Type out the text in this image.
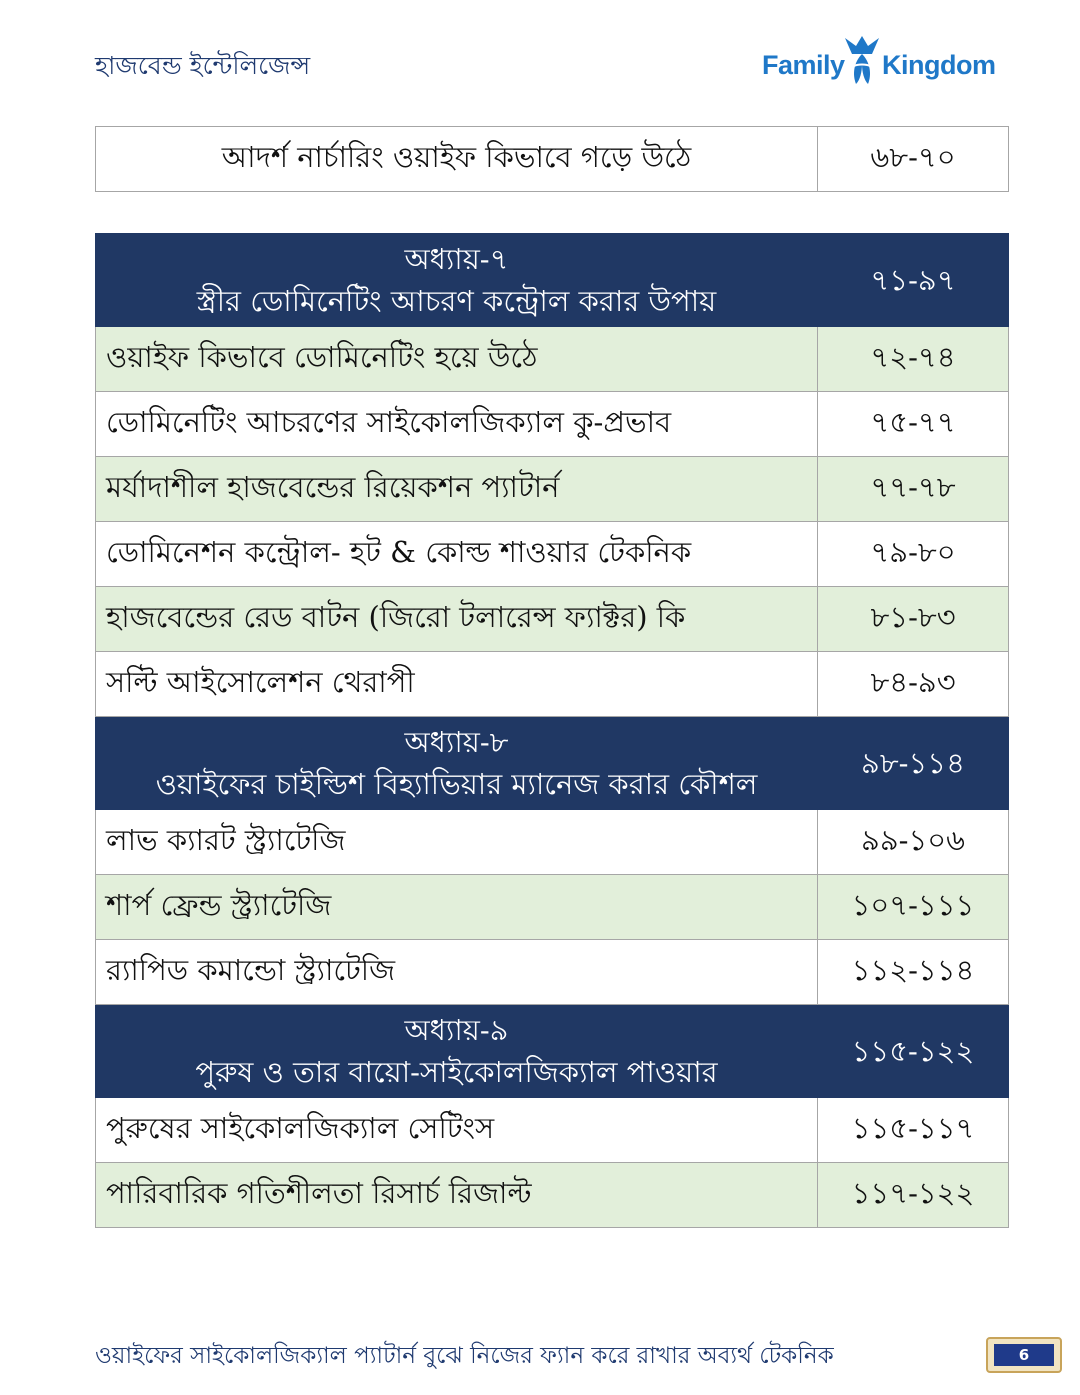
হাজবেন্ড ইন্টেলিজেন্স	Family Kingdom
আদর্শ নার্চারিং ওয়াইফ কিভাবে গড়ে উঠে	৬৮-৭০
অধ্যায়-৭
স্ত্রীর ডোমিনেটিং আচরণ কন্ট্রোল করার উপায়	৭১-৯৭
ওয়াইফ কিভাবে ডোমিনেটিং হয়ে উঠে	৭২-৭৪
ডোমিনেটিং আচরণের সাইকোলজিক্যাল কু-প্রভাব	৭৫-৭৭
মর্যাদাশীল হাজবেন্ডের রিয়েকশন প্যাটার্ন	৭৭-৭৮
ডোমিনেশন কন্ট্রোল- হট & কোল্ড শাওয়ার টেকনিক	৭৯-৮০
হাজবেন্ডের রেড বাটন (জিরো টলারেন্স ফ্যাক্টর) কি	৮১-৮৩
সল্টি আইসোলেশন থেরাপী	৮৪-৯৩

অধ্যায়-৮
ওয়াইফের চাইল্ডিশ বিহ্যাভিয়ার ম্যানেজ করার কৌশল	৯৮-১১৪
লাভ ক্যারট স্ট্র্যাটেজি	৯৯-১০৬
শার্প ফ্রেন্ড স্ট্র্যাটেজি	১০৭-১১১
র‍্যাপিড কমান্ডো স্ট্র্যাটেজি	১১২-১১৪

অধ্যায়-৯
পুরুষ ও তার বায়ো-সাইকোলজিক্যাল পাওয়ার	১১৫-১২২
পুরুষের সাইকোলজিক্যাল সেটিংস	১১৫-১১৭
পারিবারিক গতিশীলতা রিসার্চ রিজাল্ট	১১৭-১২২
ওয়াইফের সাইকোলজিক্যাল প্যাটার্ন বুঝে নিজের ফ্যান করে রাখার অব্যর্থ টেকনিক	6
